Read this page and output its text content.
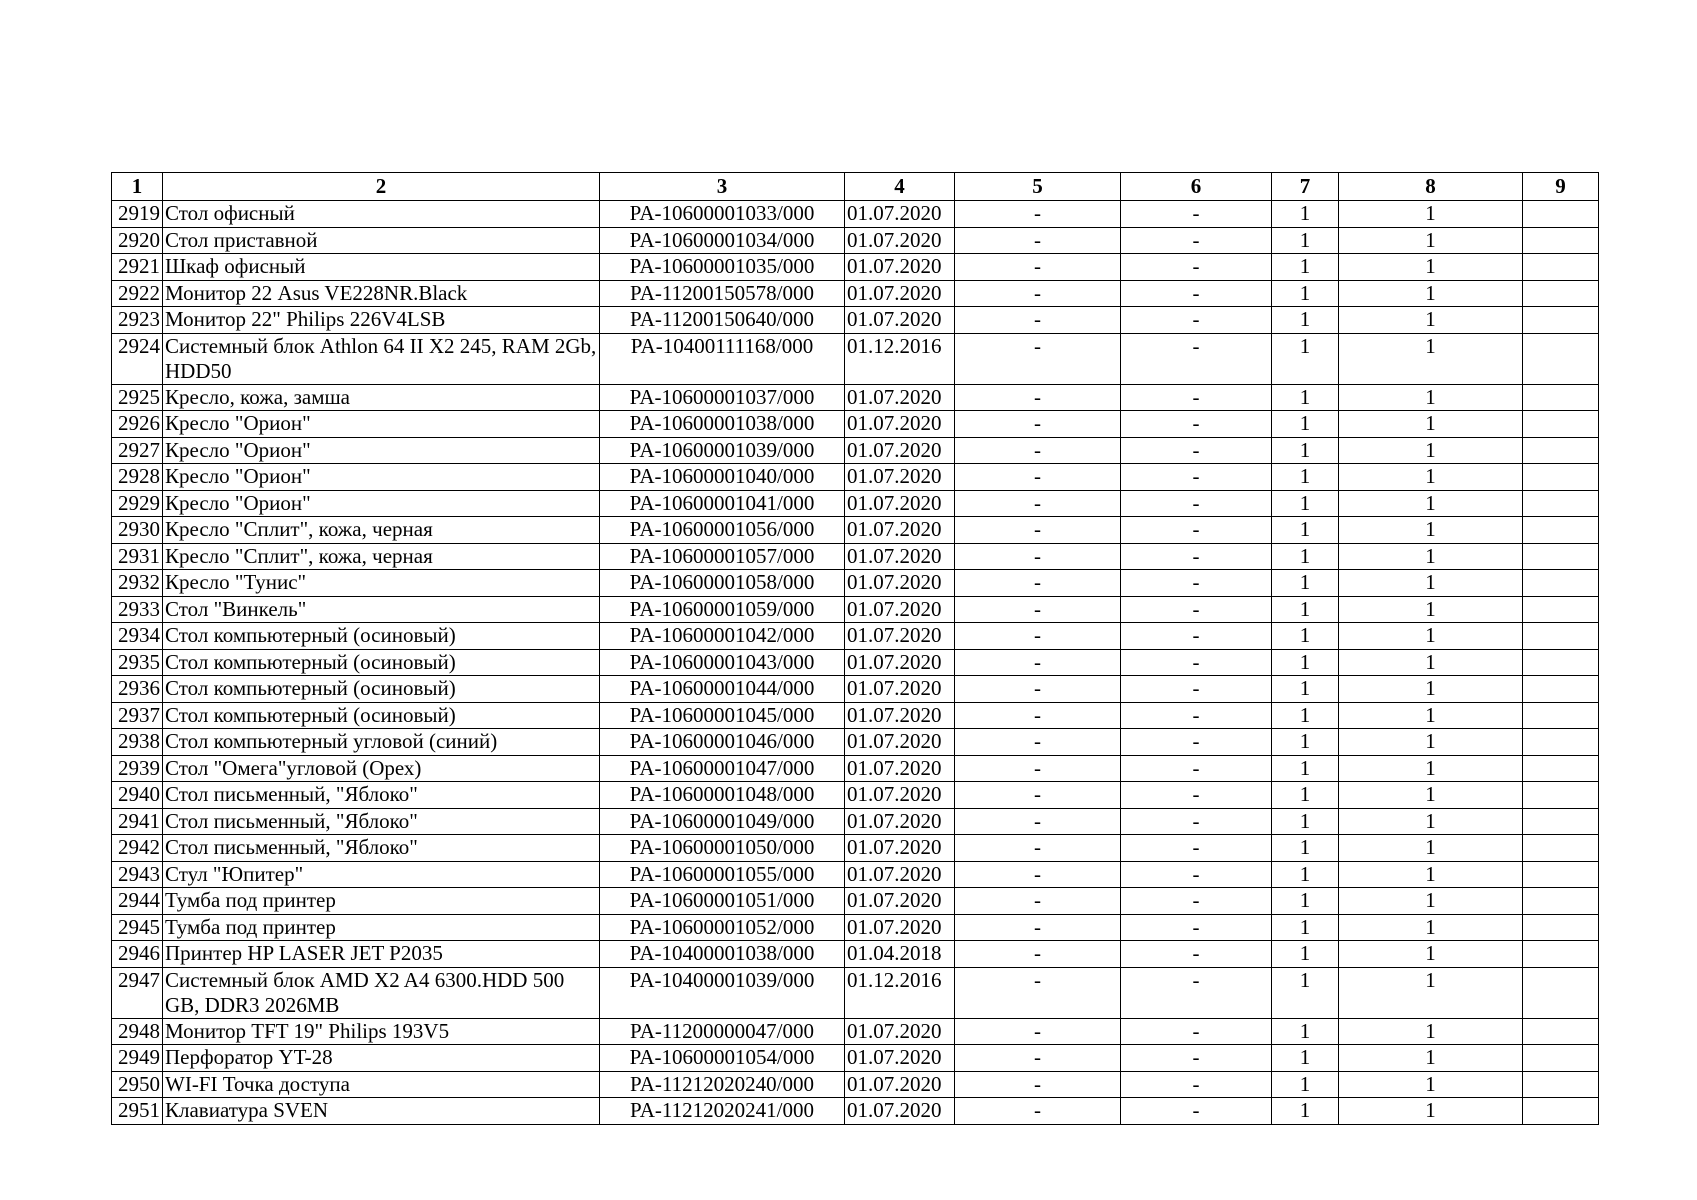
1	2	3	4	5	6	7	8	9
2919	Стол офисный	PA-10600001033/000	01.07.2020	-	-	1	1	
2920	Стол приставной	PA-10600001034/000	01.07.2020	-	-	1	1	
2921	Шкаф офисный	PA-10600001035/000	01.07.2020	-	-	1	1	
2922	Монитор 22 Asus VE228NR.Black	PA-11200150578/000	01.07.2020	-	-	1	1	
2923	Монитор 22" Philips 226V4LSB	PA-11200150640/000	01.07.2020	-	-	1	1	
2924	Системный блок Athlon 64 II X2 245, RAM 2Gb, HDD50	PA-10400111168/000	01.12.2016	-	-	1	1	
2925	Кресло, кожа, замша	PA-10600001037/000	01.07.2020	-	-	1	1	
2926	Кресло "Орион"	PA-10600001038/000	01.07.2020	-	-	1	1	
2927	Кресло "Орион"	PA-10600001039/000	01.07.2020	-	-	1	1	
2928	Кресло "Орион"	PA-10600001040/000	01.07.2020	-	-	1	1	
2929	Кресло "Орион"	PA-10600001041/000	01.07.2020	-	-	1	1	
2930	Кресло "Сплит", кожа, черная	PA-10600001056/000	01.07.2020	-	-	1	1	
2931	Кресло "Сплит", кожа, черная	PA-10600001057/000	01.07.2020	-	-	1	1	
2932	Кресло "Тунис"	PA-10600001058/000	01.07.2020	-	-	1	1	
2933	Стол "Винкель"	PA-10600001059/000	01.07.2020	-	-	1	1	
2934	Стол компьютерный (осиновый)	PA-10600001042/000	01.07.2020	-	-	1	1	
2935	Стол компьютерный (осиновый)	PA-10600001043/000	01.07.2020	-	-	1	1	
2936	Стол компьютерный (осиновый)	PA-10600001044/000	01.07.2020	-	-	1	1	
2937	Стол компьютерный (осиновый)	PA-10600001045/000	01.07.2020	-	-	1	1	
2938	Стол компьютерный угловой (синий)	PA-10600001046/000	01.07.2020	-	-	1	1	
2939	Стол "Омега"угловой (Орех)	PA-10600001047/000	01.07.2020	-	-	1	1	
2940	Стол письменный, "Яблоко"	PA-10600001048/000	01.07.2020	-	-	1	1	
2941	Стол письменный, "Яблоко"	PA-10600001049/000	01.07.2020	-	-	1	1	
2942	Стол письменный, "Яблоко"	PA-10600001050/000	01.07.2020	-	-	1	1	
2943	Стул "Юпитер"	PA-10600001055/000	01.07.2020	-	-	1	1	
2944	Тумба под принтер	PA-10600001051/000	01.07.2020	-	-	1	1	
2945	Тумба под принтер	PA-10600001052/000	01.07.2020	-	-	1	1	
2946	Принтер HP LASER JET P2035	PA-10400001038/000	01.04.2018	-	-	1	1	
2947	Системный блок AMD X2 A4 6300.HDD 500 GB, DDR3 2026MB	PA-10400001039/000	01.12.2016	-	-	1	1	
2948	Монитор TFT 19" Philips 193V5	PA-11200000047/000	01.07.2020	-	-	1	1	
2949	Перфоратор YT-28	PA-10600001054/000	01.07.2020	-	-	1	1	
2950	WI-FI Точка доступа	PA-11212020240/000	01.07.2020	-	-	1	1	
2951	Клавиатура SVEN	PA-11212020241/000	01.07.2020	-	-	1	1	
